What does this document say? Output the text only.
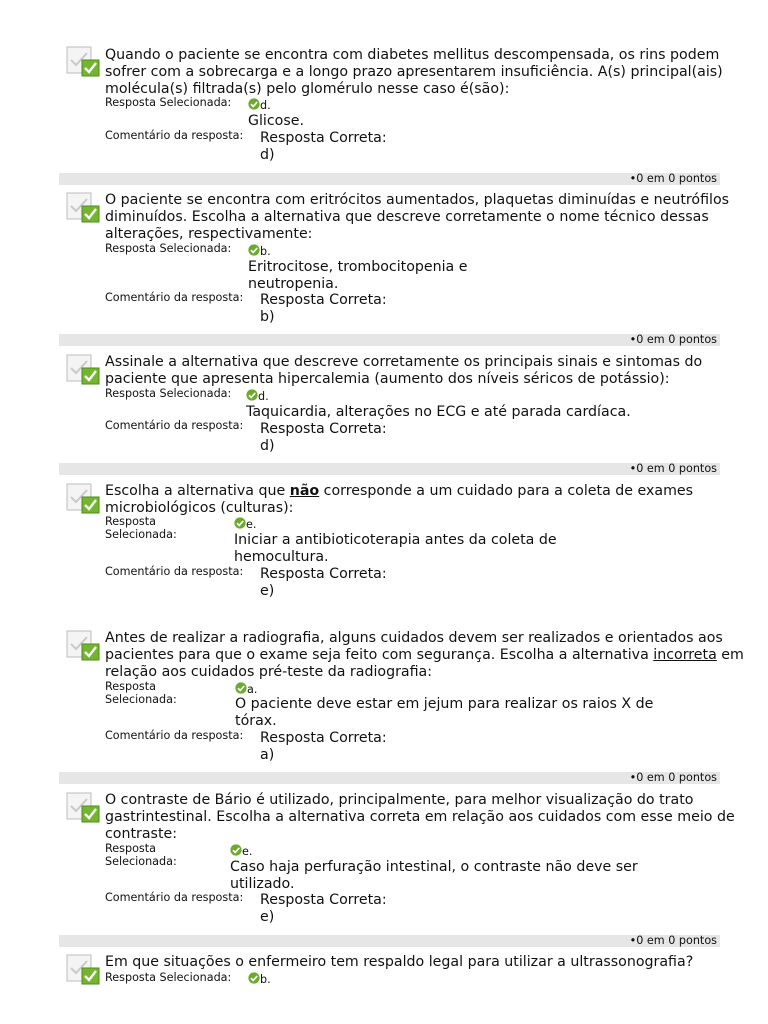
Quando o paciente se encontra com diabetes mellitus descompensada, os rins podem sofrer com a sobrecarga e a longo prazo apresentarem insuficiência. A(s) principal(ais) molécula(s) filtrada(s) pelo glomérulo nesse caso é(são):
Resposta Selecionada:	d.
Glicose.
Comentário da resposta: Resposta Correta:
d)
•0 em 0 pontos
O paciente se encontra com eritrócitos aumentados, plaquetas diminuídas e neutrófilos diminuídos. Escolha a alternativa que descreve corretamente o nome técnico dessas alterações, respectivamente:
Resposta Selecionada:	b.
Eritrocitose, trombocitopenia e neutropenia.
Comentário da resposta: Resposta Correta:
b)
•0 em 0 pontos
Assinale a alternativa que descreve corretamente os principais sinais e sintomas do paciente que apresenta hipercalemia (aumento dos níveis séricos de potássio):
Resposta Selecionada: d.
Taquicardia, alterações no ECG e até parada cardíaca.
Comentário da resposta: Resposta Correta:
d)
•0 em 0 pontos
Escolha a alternativa que não corresponde a um cuidado para a coleta de exames microbiológicos (culturas):
Resposta
Selecionada:
e.
Iniciar a antibioticoterapia antes da coleta de hemocultura.
Comentário da resposta: Resposta Correta:
e)
Antes de realizar a radiografia, alguns cuidados devem ser realizados e orientados aos pacientes para que o exame seja feito com segurança. Escolha a alternativa incorreta em relação aos cuidados pré-teste da radiografia:
Resposta
Selecionada:
a.
O paciente deve estar em jejum para realizar os raios X de tórax.
Comentário da resposta: Resposta Correta:
a)
•0 em 0 pontos
O contraste de Bário é utilizado, principalmente, para melhor visualização do trato gastrintestinal. Escolha a alternativa correta em relação aos cuidados com esse meio de contraste:
Resposta
Selecionada:
e.
Caso haja perfuração intestinal, o contraste não deve ser utilizado.
Comentário da resposta: Resposta Correta:
e)
•0 em 0 pontos
Em que situações o enfermeiro tem respaldo legal para utilizar a ultrassonografia?
Resposta Selecionada:	b.
